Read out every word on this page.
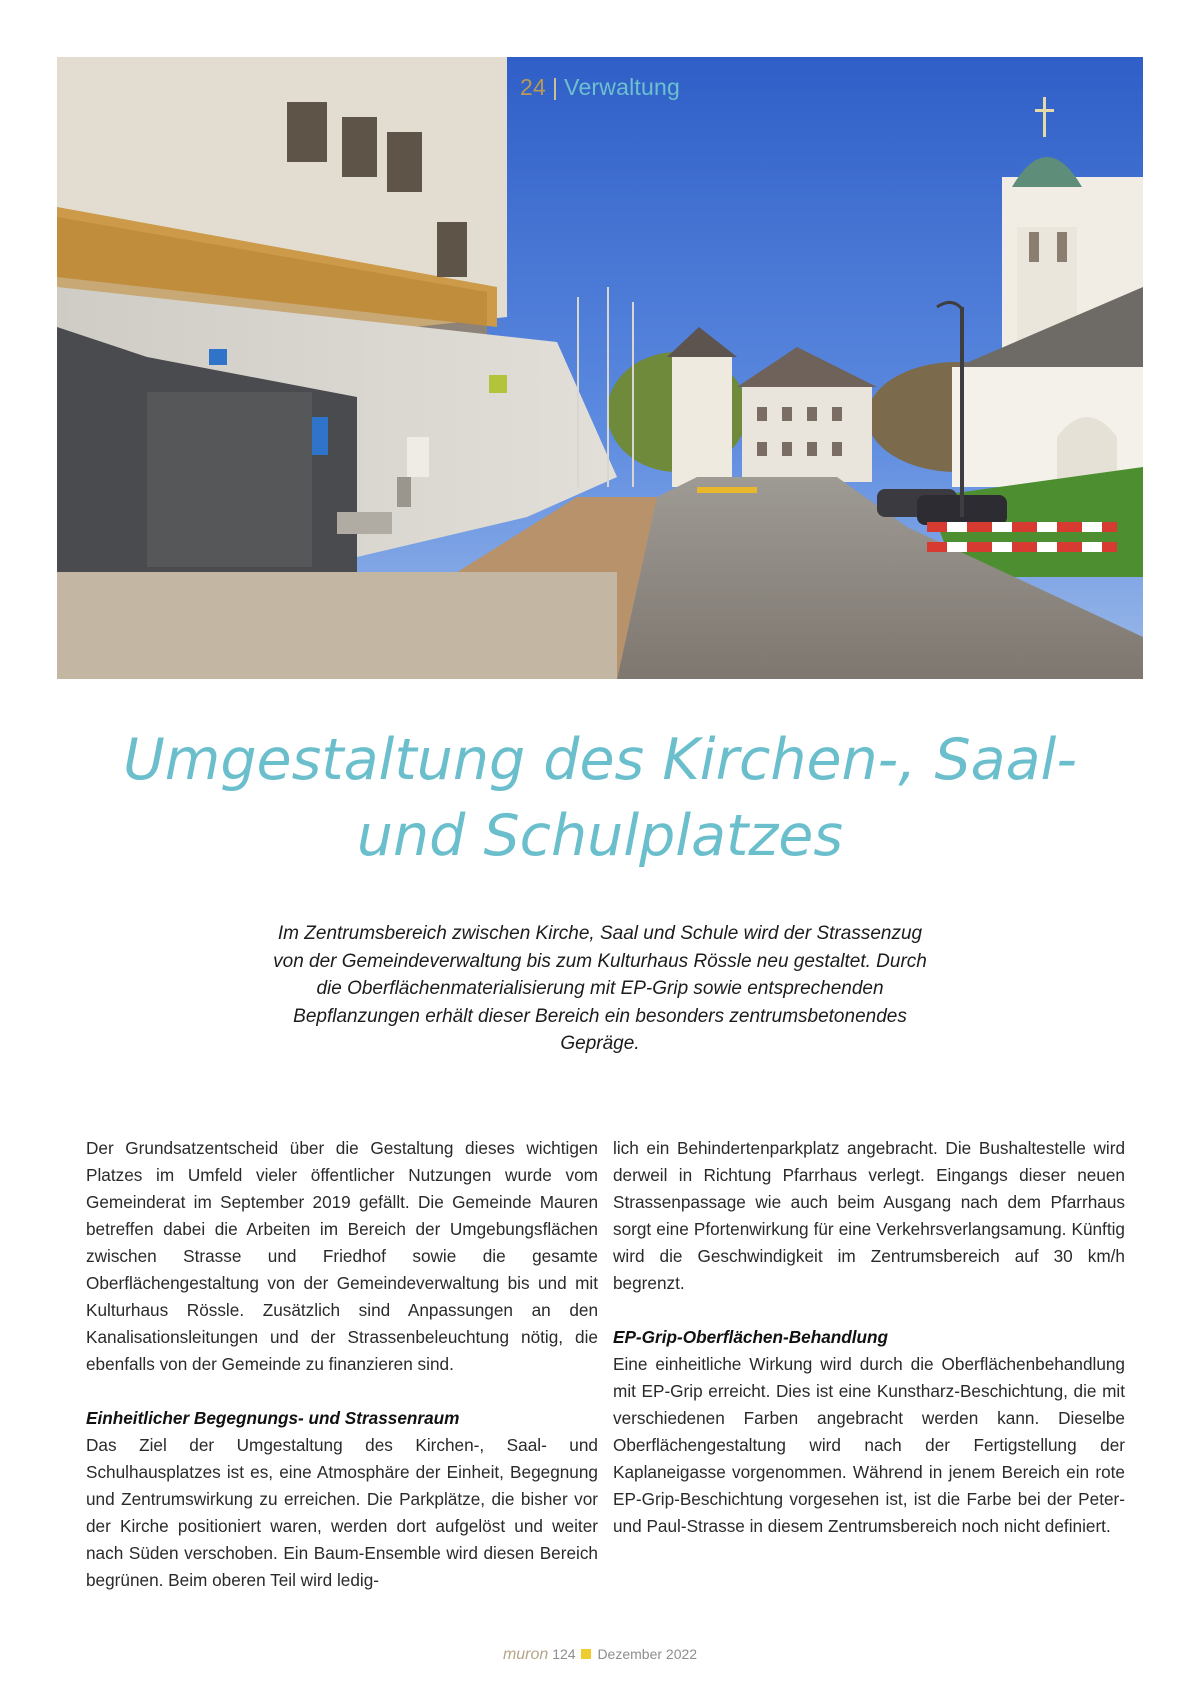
24 | Verwaltung
Umgestaltung des Kirchen-, Saal- und Schulplatzes

Im Zentrumsbereich zwischen Kirche, Saal und Schule wird der Strassenzug von der Gemeindeverwaltung bis zum Kulturhaus Rössle neu gestaltet. Durch die Oberflächenmaterialisierung mit EP-Grip sowie entsprechenden Bepflanzungen erhält dieser Bereich ein besonders zentrumsbetonendes Gepräge.

Der Grundsatzentscheid über die Gestaltung dieses wichtigen Platzes im Umfeld vieler öffentlicher Nutzungen wurde vom Gemeinderat im September 2019 gefällt. Die Gemeinde Mauren betreffen dabei die Arbeiten im Bereich der Umgebungsflächen zwischen Strasse und Friedhof sowie die gesamte Oberflächengestaltung von der Gemeindeverwaltung bis und mit Kulturhaus Rössle. Zusätzlich sind Anpassungen an den Kanalisationsleitungen und der Strassenbeleuchtung nötig, die ebenfalls von der Gemeinde zu finanzieren sind.

Einheitlicher Begegnungs- und Strassenraum

Das Ziel der Umgestaltung des Kirchen-, Saal- und Schulhausplatzes ist es, eine Atmosphäre der Einheit, Begegnung und Zentrumswirkung zu erreichen. Die Parkplätze, die bisher vor der Kirche positioniert waren, werden dort aufgelöst und weiter nach Süden verschoben. Ein Baum-Ensemble wird diesen Bereich begrünen. Beim oberen Teil wird ledig-

lich ein Behindertenparkplatz angebracht. Die Bushaltestelle wird derweil in Richtung Pfarrhaus verlegt. Eingangs dieser neuen Strassenpassage wie auch beim Ausgang nach dem Pfarrhaus sorgt eine Pfortenwirkung für eine Verkehrsverlangsamung. Künftig wird die Geschwindigkeit im Zentrumsbereich auf 30 km/h begrenzt.

EP-Grip-Oberflächen-Behandlung

Eine einheitliche Wirkung wird durch die Oberflächenbehandlung mit EP-Grip erreicht. Dies ist eine Kunstharz-Beschichtung, die mit verschiedenen Farben angebracht werden kann. Dieselbe Oberflächengestaltung wird nach der Fertigstellung der Kaplaneigasse vorgenommen. Während in jenem Bereich ein rote EP-Grip-Beschichtung vorgesehen ist, ist die Farbe bei der Peter- und Paul-Strasse in diesem Zentrumsbereich noch nicht definiert.

muron 124 Dezember 2022
